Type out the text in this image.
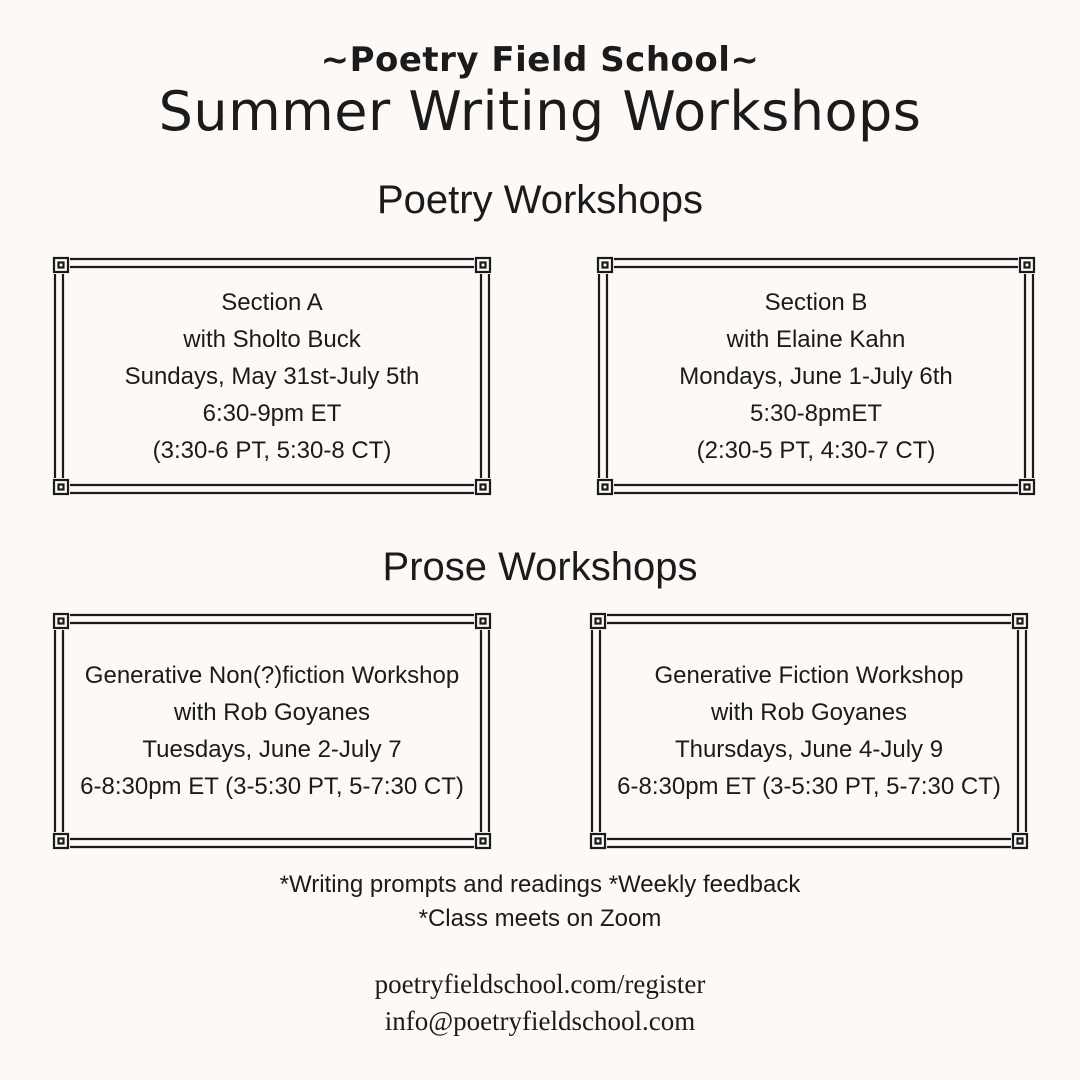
~Poetry Field School~
Summer Writing Workshops
Poetry Workshops
Section A
with Sholto Buck
Sundays, May 31st-July 5th
6:30-9pm ET
(3:30-6 PT, 5:30-8 CT)
Section B
with Elaine Kahn
Mondays, June 1-July 6th
5:30-8pmET
(2:30-5 PT, 4:30-7 CT)
Prose Workshops
Generative Non(?)fiction Workshop
with Rob Goyanes
Tuesdays, June 2-July 7
6-8:30pm ET (3-5:30 PT, 5-7:30 CT)
Generative Fiction Workshop
with Rob Goyanes
Thursdays, June 4-July 9
6-8:30pm ET (3-5:30 PT, 5-7:30 CT)
*Writing prompts and readings *Weekly feedback
*Class meets on Zoom
poetryfieldschool.com/register
info@poetryfieldschool.com
